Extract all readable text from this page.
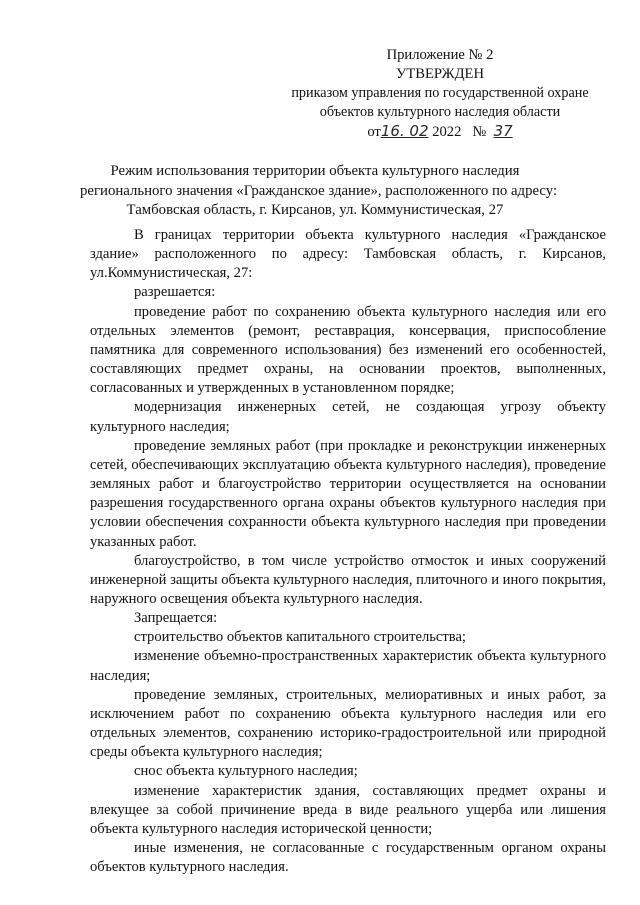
Приложение № 2
УТВЕРЖДЕН
приказом управления по государственной охране
объектов культурного наследия области
от16. 02 2022 № 37
Режим использования территории объекта культурного наследия
регионального значения «Гражданское здание», расположенного по адресу:
Тамбовская область, г. Кирсанов, ул. Коммунистическая, 27

В границах территории объекта культурного наследия «Гражданское здание» расположенного по адресу: Тамбовская область, г. Кирсанов, ул.Коммунистическая, 27:

разрешается:

проведение работ по сохранению объекта культурного наследия или его отдельных элементов (ремонт, реставрация, консервация, приспособление памятника для современного использования) без изменений его особенностей, составляющих предмет охраны, на основании проектов, выполненных, согласованных и утвержденных в установленном порядке;

модернизация инженерных сетей, не создающая угрозу объекту культурного наследия;

проведение земляных работ (при прокладке и реконструкции инженерных сетей, обеспечивающих эксплуатацию объекта культурного наследия), проведение земляных работ и благоустройство территории осуществляется на основании разрешения государственного органа охраны объектов культурного наследия при условии обеспечения сохранности объекта культурного наследия при проведении указанных работ.

благоустройство, в том числе устройство отмосток и иных сооружений инженерной защиты объекта культурного наследия, плиточного и иного покрытия, наружного освещения объекта культурного наследия.

Запрещается:

строительство объектов капитального строительства;

изменение объемно-пространственных характеристик объекта культурного наследия;

проведение земляных, строительных, мелиоративных и иных работ, за исключением работ по сохранению объекта культурного наследия или его отдельных элементов, сохранению историко-градостроительной или природной среды объекта культурного наследия;

снос объекта культурного наследия;

изменение характеристик здания, составляющих предмет охраны и влекущее за собой причинение вреда в виде реального ущерба или лишения объекта культурного наследия исторической ценности;

иные изменения, не согласованные с государственным органом охраны объектов культурного наследия.
